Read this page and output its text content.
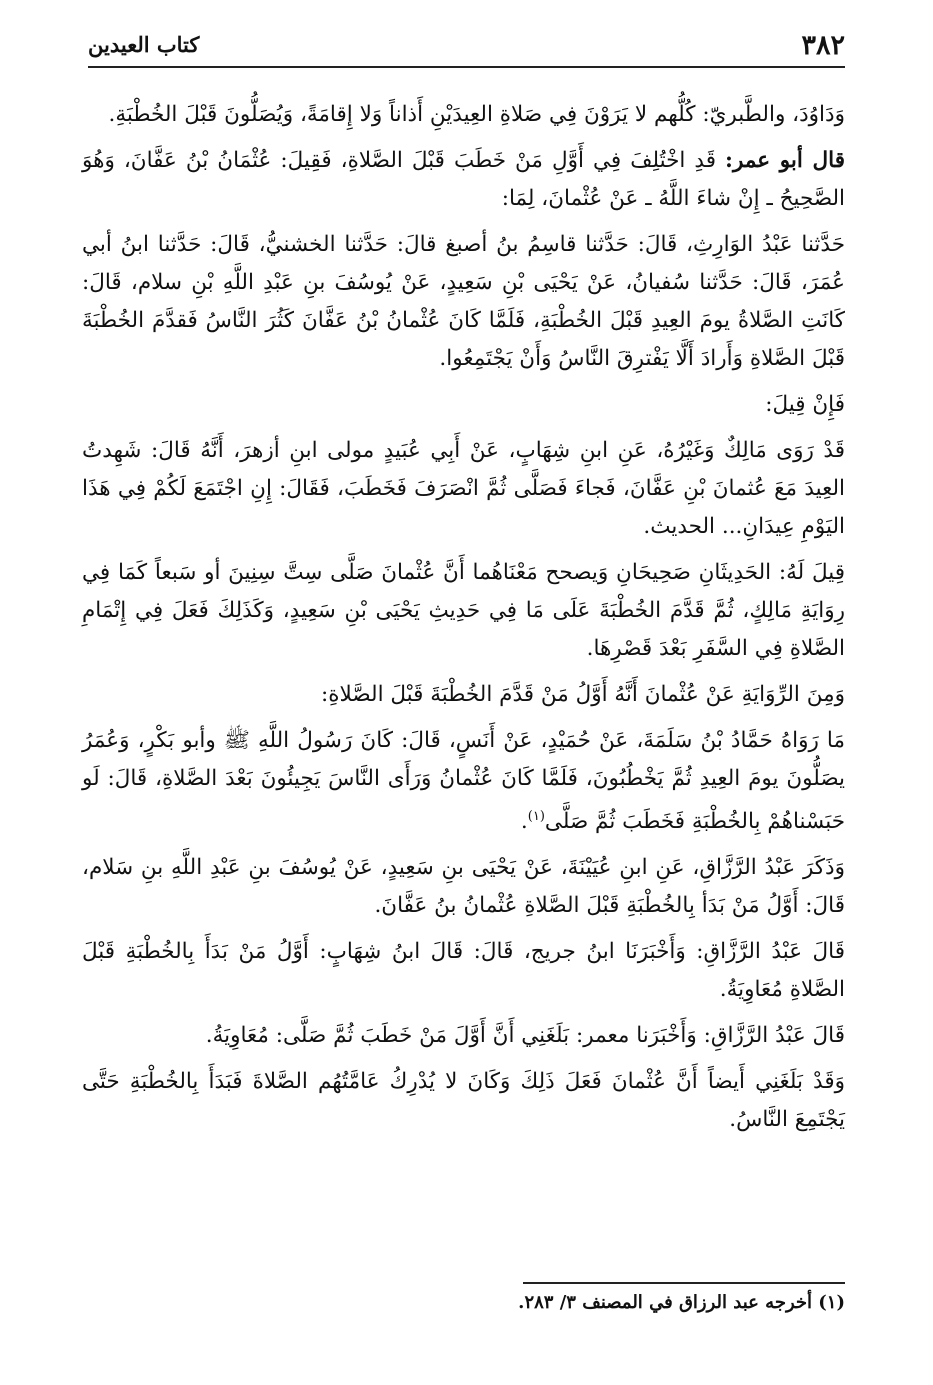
٣٨٢
كتاب العيدين

وَدَاوُدَ، والطَّبريّ: كُلُّهم لا يَرَوْنَ فِي صَلاةِ العِيدَيْنِ أَذاناً وَلا إِقامَةً، وَيُصَلُّونَ قَبْلَ الخُطْبَةِ.

قال أبو عمر: قَدِ اخْتُلِفَ فِي أَوَّلِ مَنْ خَطَبَ قَبْلَ الصَّلاةِ، فَقِيلَ: عُثْمَانُ بْنُ عَفَّانَ، وَهُوَ الصَّحِيحُ ـ إِنْ شاءَ اللَّهُ ـ عَنْ عُثْمانَ، لِمَا:

حَدَّثنا عَبْدُ الوَارِثِ، قَالَ: حَدَّثنا قاسِمُ بنُ أصبغ قالَ: حَدَّثنا الخشنيُّ، قَالَ: حَدَّثنا ابنُ أبي عُمَرَ، قَالَ: حَدَّثنا سُفيانُ، عَنْ يَحْيَى بْنِ سَعِيدٍ، عَنْ يُوسُفَ بنِ عَبْدِ اللَّهِ بْنِ سلام، قَالَ: كَانَتِ الصَّلاةُ يومَ العِيدِ قَبْلَ الخُطْبَةِ، فَلَمَّا كَانَ عُثْمانُ بْنُ عَفَّانَ كَثُرَ النَّاسُ فَقدَّمَ الخُطْبَةَ قَبْلَ الصَّلاةِ وَأَرادَ أَلَّا يَفْترِقَ النَّاسُ وَأَنْ يَجْتَمِعُوا.

فَإِنْ قِيلَ:

قَدْ رَوَى مَالِكٌ وَغَيْرُهُ، عَنِ ابنِ شِهَابٍ، عَنْ أَبِي عُبَيدٍ مولى ابنِ أزهرَ، أَنَّهُ قَالَ: شَهِدتُ العِيدَ مَعَ عُثمانَ بْنِ عَفَّانَ، فَجاءَ فَصَلَّى ثُمَّ انْصَرَفَ فَخَطَبَ، فَقَالَ: إِنِ اجْتَمَعَ لَكُمْ فِي هَذَا اليَوْمِ عِيدَانِ... الحديث.

قِيلَ لَهُ: الحَدِيثَانِ صَحِيحَانِ وَيصحح مَعْنَاهُما أَنَّ عُثْمانَ صَلَّى سِتَّ سِنِينَ أو سَبعاً كَمَا فِي رِوَايَةِ مَالِكٍ، ثُمَّ قَدَّمَ الخُطْبَةَ عَلَى مَا فِي حَدِيثِ يَحْيَى بْنِ سَعِيدٍ، وَكَذَلِكَ فَعَلَ فِي إِتْمَامِ الصَّلاةِ فِي السَّفَرِ بَعْدَ قَصْرِهَا.

وَمِنَ الرِّوَايَةِ عَنْ عُثْمانَ أَنَّهُ أَوَّلُ مَنْ قَدَّمَ الخُطْبَةَ قَبْلَ الصَّلاةِ:

مَا رَوَاهُ حَمَّادُ بْنُ سَلَمَةَ، عَنْ حُمَيْدٍ، عَنْ أَنَسٍ، قَالَ: كَانَ رَسُولُ اللَّهِ ﷺ وأبو بَكْرٍ، وَعُمَرُ يصَلُّونَ يومَ العِيدِ ثُمَّ يَخْطُبُونَ، فَلَمَّا كَانَ عُثْمانُ وَرَأَى النَّاسَ يَجِيئُونَ بَعْدَ الصَّلاةِ، قَالَ: لَو حَبَسْناهُمْ بِالخُطْبَةِ فَخَطَبَ ثُمَّ صَلَّى$^{(١)}$.

وَذَكَرَ عَبْدُ الرَّزَّاقِ، عَنِ ابنِ عُيَيْنَةَ، عَنْ يَحْيَى بنِ سَعِيدٍ، عَنْ يُوسُفَ بنِ عَبْدِ اللَّهِ بنِ سَلام، قَالَ: أَوَّلُ مَنْ بَدَأ بِالخُطْبَةِ قَبْلَ الصَّلاةِ عُثْمانُ بنُ عَفَّانَ.

قَالَ عَبْدُ الرَّزَّاقِ: وَأَخْبَرَنَا ابنُ جريج، قَالَ: قَالَ ابنُ شِهَابٍ: أَوَّلُ مَنْ بَدَأَ بِالخُطْبَةِ قَبْلَ الصَّلاةِ مُعَاوِيَةُ.

قَالَ عَبْدُ الرَّزَّاقِ: وَأَخْبَرَنا معمر: بَلَغَنِي أَنَّ أَوَّلَ مَنْ خَطَبَ ثُمَّ صَلَّى: مُعَاوِيَةُ.

وَقَدْ بَلَغَنِي أَيضاً أَنَّ عُثْمانَ فَعَلَ ذَلِكَ وَكَانَ لا يُدْرِكُ عَامَّتُهُم الصَّلاةَ فَبَدَأَ بِالخُطْبَةِ حَتَّى يَجْتَمِعَ النَّاسُ.

(١) أخرجه عبد الرزاق في المصنف ٣/ ٢٨٣.
